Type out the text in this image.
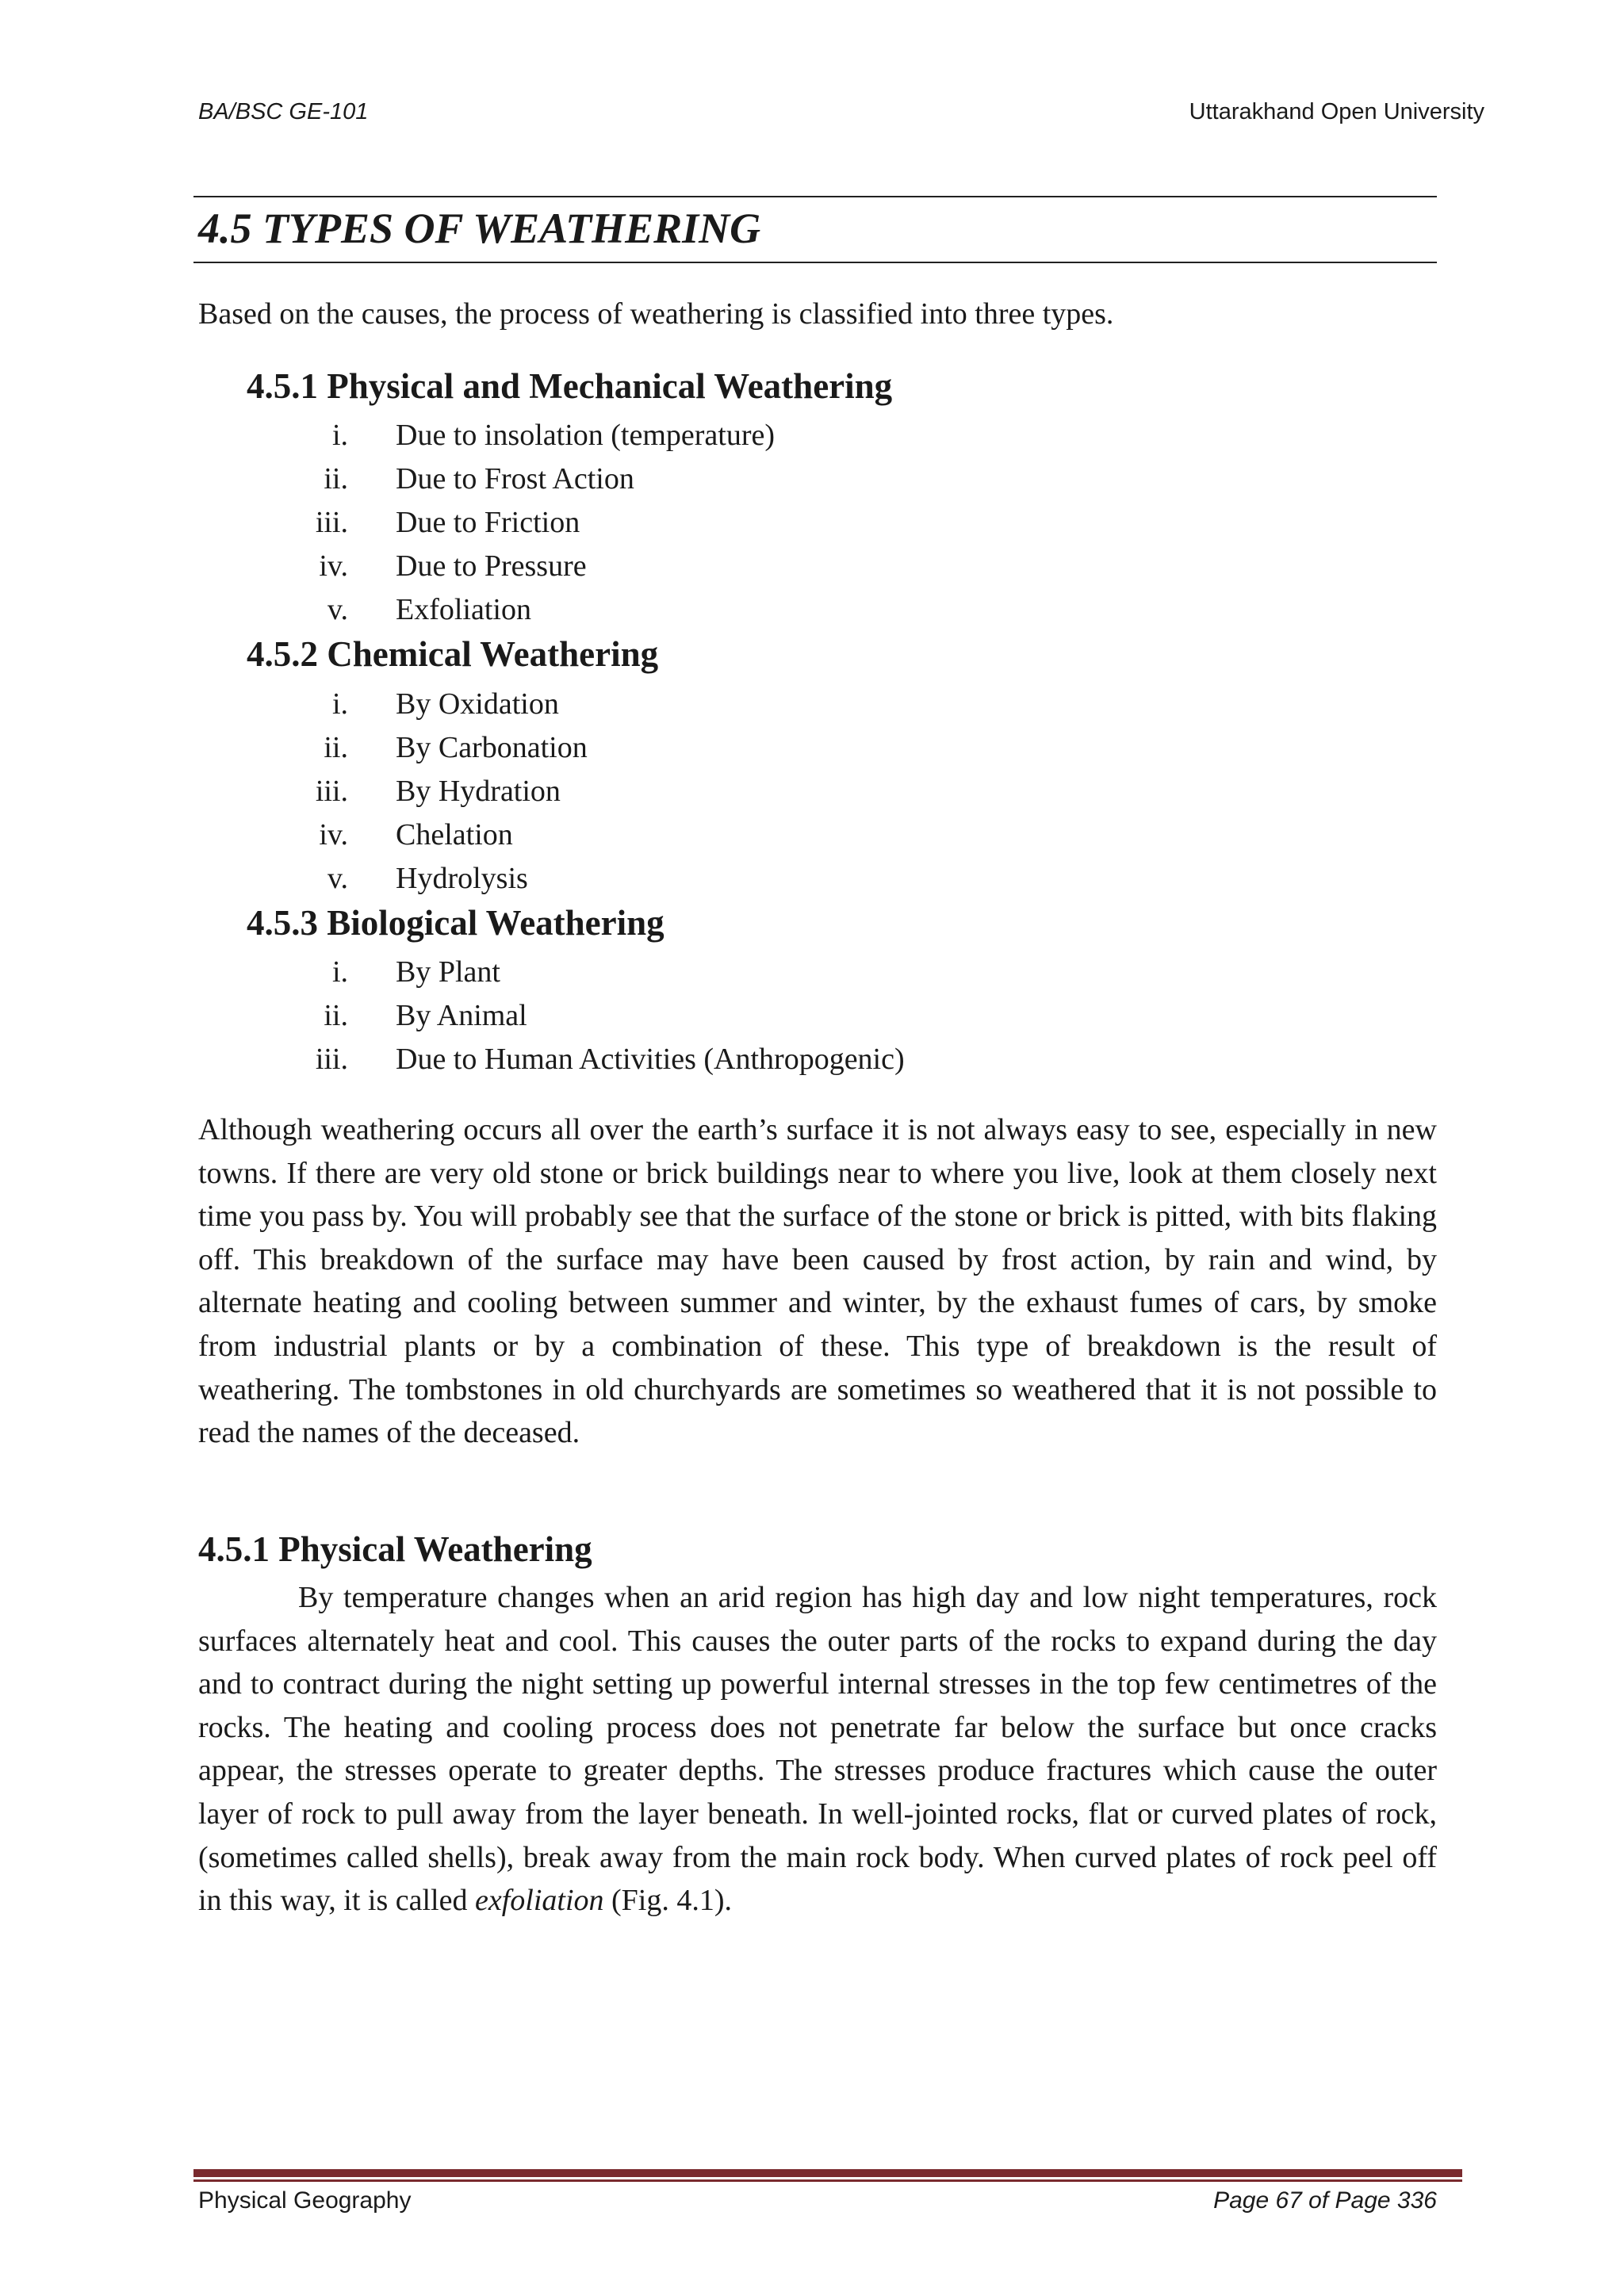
BA/BSC GE-101	Uttarakhand Open University
4.5 TYPES OF WEATHERING
Based on the causes, the process of weathering is classified into three types.
4.5.1 Physical and Mechanical Weathering
i. Due to insolation (temperature)
ii. Due to Frost Action
iii. Due to Friction
iv. Due to Pressure
v. Exfoliation
4.5.2 Chemical Weathering
i. By Oxidation
ii. By Carbonation
iii. By Hydration
iv. Chelation
v. Hydrolysis
4.5.3 Biological Weathering
i. By Plant
ii. By Animal
iii. Due to Human Activities (Anthropogenic)

Although weathering occurs all over the earth’s surface it is not always easy to see, especially in new towns. If there are very old stone or brick buildings near to where you live, look at them closely next time you pass by. You will probably see that the surface of the stone or brick is pitted, with bits flaking off. This breakdown of the surface may have been caused by frost action, by rain and wind, by alternate heating and cooling between summer and winter, by the exhaust fumes of cars, by smoke from industrial plants or by a combination of these. This type of breakdown is the result of weathering. The tombstones in old churchyards are sometimes so weathered that it is not possible to read the names of the deceased.

4.5.1 Physical Weathering

By temperature changes when an arid region has high day and low night temperatures, rock surfaces alternately heat and cool. This causes the outer parts of the rocks to expand during the day and to contract during the night setting up powerful internal stresses in the top few centimetres of the rocks. The heating and cooling process does not penetrate far below the surface but once cracks appear, the stresses operate to greater depths. The stresses produce fractures which cause the outer layer of rock to pull away from the layer beneath. In well-jointed rocks, flat or curved plates of rock, (sometimes called shells), break away from the main rock body. When curved plates of rock peel off in this way, it is called exfoliation (Fig. 4.1).

Physical Geography	Page 67 of Page 336
